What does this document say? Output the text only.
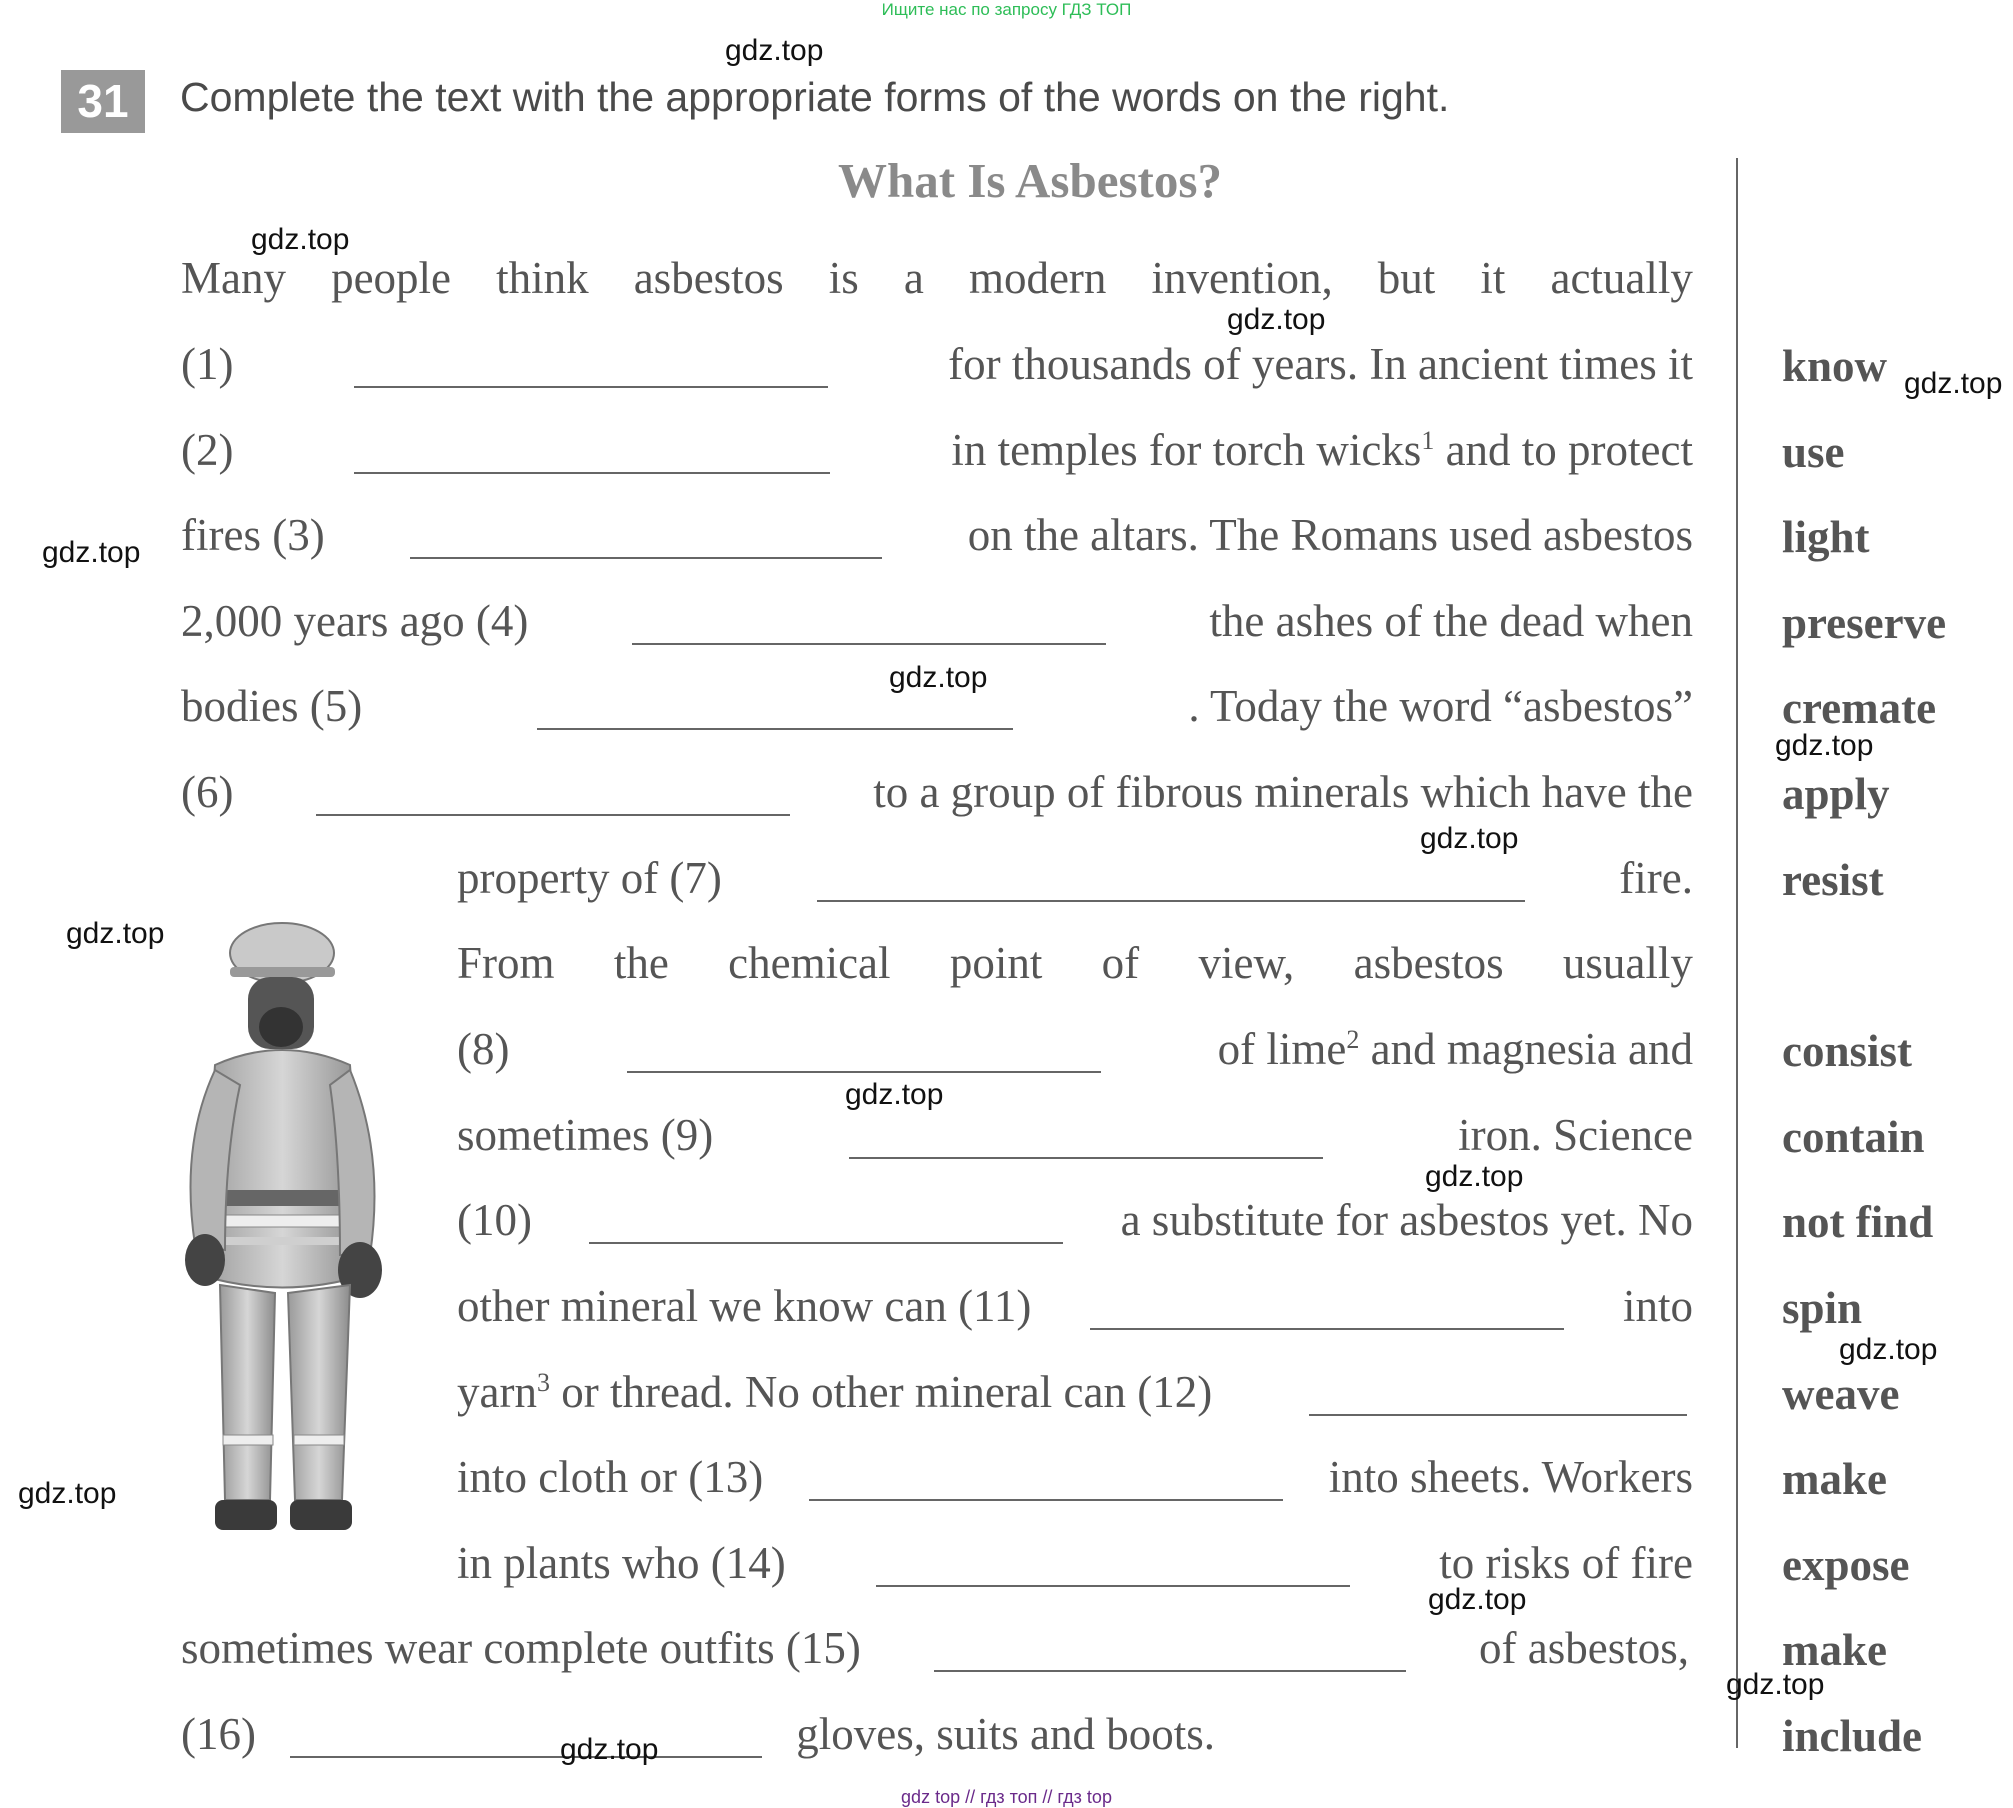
Ищите нас по запросу ГДЗ ТОП
31	Complete the text with the appropriate forms of the words on the right.
What Is Asbestos?
Many people think asbestos is a modern invention, but it actually
(1)	for thousands of years. In ancient times it
(2)	in temples for torch wicks$^1$ and to protect
fires (3)	on the altars. The Romans used asbestos
2,000 years ago (4)	the ashes of the dead when
bodies (5)	. Today the word “asbestos”
(6)	to a group of fibrous minerals which have the
property of (7)	fire.
From the chemical point of view, asbestos usually
(8)	of lime$^2$ and magnesia and
sometimes (9)	iron. Science
(10)	a substitute for asbestos yet. No
other mineral we know can (11)	into
yarn$^3$ or thread. No other mineral can (12)
into cloth or (13)	into sheets. Workers
in plants who (14)	to risks of fire
sometimes wear complete outfits (15)	of asbestos,
(16)	gloves, suits and boots.
know
use
light
preserve
cremate
apply
resist
consist
contain
not find
spin
weave
make
expose
make
include
gdz.top
gdz.top
gdz.top
gdz.top
gdz.top
gdz.top
gdz.top
gdz.top
gdz.top
gdz.top
gdz.top
gdz.top
gdz.top
gdz.top
gdz.top
gdz.top
gdz top // гдз топ // гдз top
